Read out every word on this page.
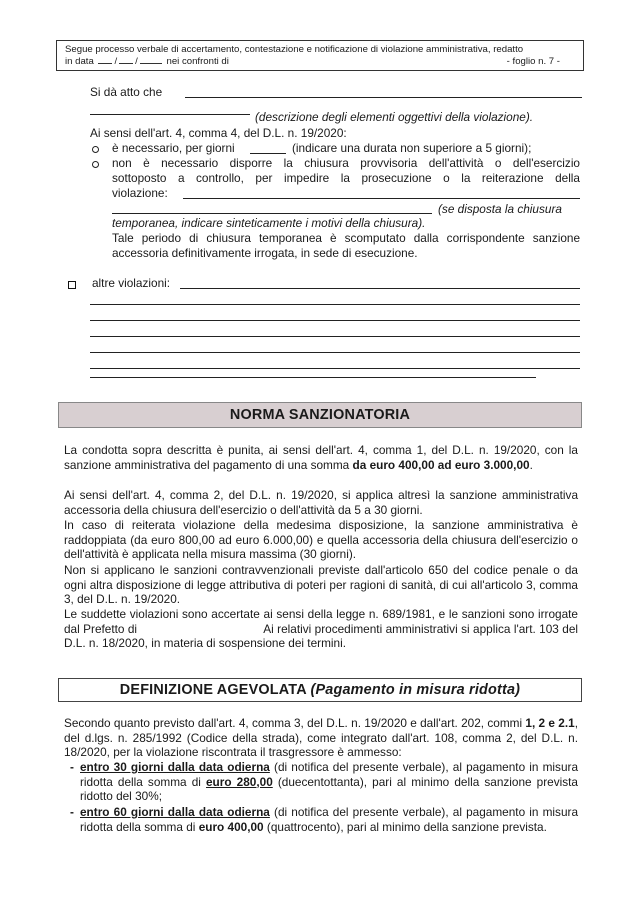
Segue processo verbale di accertamento, contestazione e notificazione di violazione amministrativa, redatto
in data / /	nei confronti di	- foglio n. 7 -
Si dà atto che
(descrizione degli elementi oggettivi della violazione).
Ai sensi dell'art. 4, comma 4, del D.L. n. 19/2020:
è necessario, per giorni	(indicare una durata non superiore a 5 giorni);
non è necessario disporre la chiusura provvisoria dell'attività o dell'esercizio
sottoposto a controllo, per impedire la prosecuzione o la reiterazione della
violazione:
(se disposta la chiusura
temporanea, indicare sinteticamente i motivi della chiusura).
Tale periodo di chiusura temporanea è scomputato dalla corrispondente sanzione
accessoria definitivamente irrogata, in sede di esecuzione.
altre violazioni:
NORMA SANZIONATORIA
La condotta sopra descritta è punita, ai sensi dell'art. 4, comma 1, del D.L. n. 19/2020, con la sanzione amministrativa del pagamento di una somma da euro 400,00 ad euro 3.000,00.
Ai sensi dell'art. 4, comma 2, del D.L. n. 19/2020, si applica altresì la sanzione amministrativa accessoria della chiusura dell'esercizio o dell'attività da 5 a 30 giorni.
In caso di reiterata violazione della medesima disposizione, la sanzione amministrativa è raddoppiata (da euro 800,00 ad euro 6.000,00) e quella accessoria della chiusura dell'esercizio o dell'attività è applicata nella misura massima (30 giorni).
Non si applicano le sanzioni contravvenzionali previste dall'articolo 650 del codice penale o da ogni altra disposizione di legge attributiva di poteri per ragioni di sanità, di cui all'articolo 3, comma 3, del D.L. n. 19/2020.
Le suddette violazioni sono accertate ai sensi della legge n. 689/1981, e le sanzioni sono irrogate dal Prefetto di	Ai relativi procedimenti amministrativi si applica l'art. 103 del D.L. n. 18/2020, in materia di sospensione dei termini.
DEFINIZIONE AGEVOLATA (Pagamento in misura ridotta)
Secondo quanto previsto dall'art. 4, comma 3, del D.L. n. 19/2020 e dall'art. 202, commi 1, 2 e 2.1, del d.lgs. n. 285/1992 (Codice della strada), come integrato dall'art. 108, comma 2, del D.L. n. 18/2020, per la violazione riscontrata il trasgressore è ammesso:
- entro 30 giorni dalla data odierna (di notifica del presente verbale), al pagamento in misura ridotta della somma di euro 280,00 (duecentottanta), pari al minimo della sanzione prevista ridotto del 30%;
- entro 60 giorni dalla data odierna (di notifica del presente verbale), al pagamento in misura ridotta della somma di euro 400,00 (quattrocento), pari al minimo della sanzione prevista.
